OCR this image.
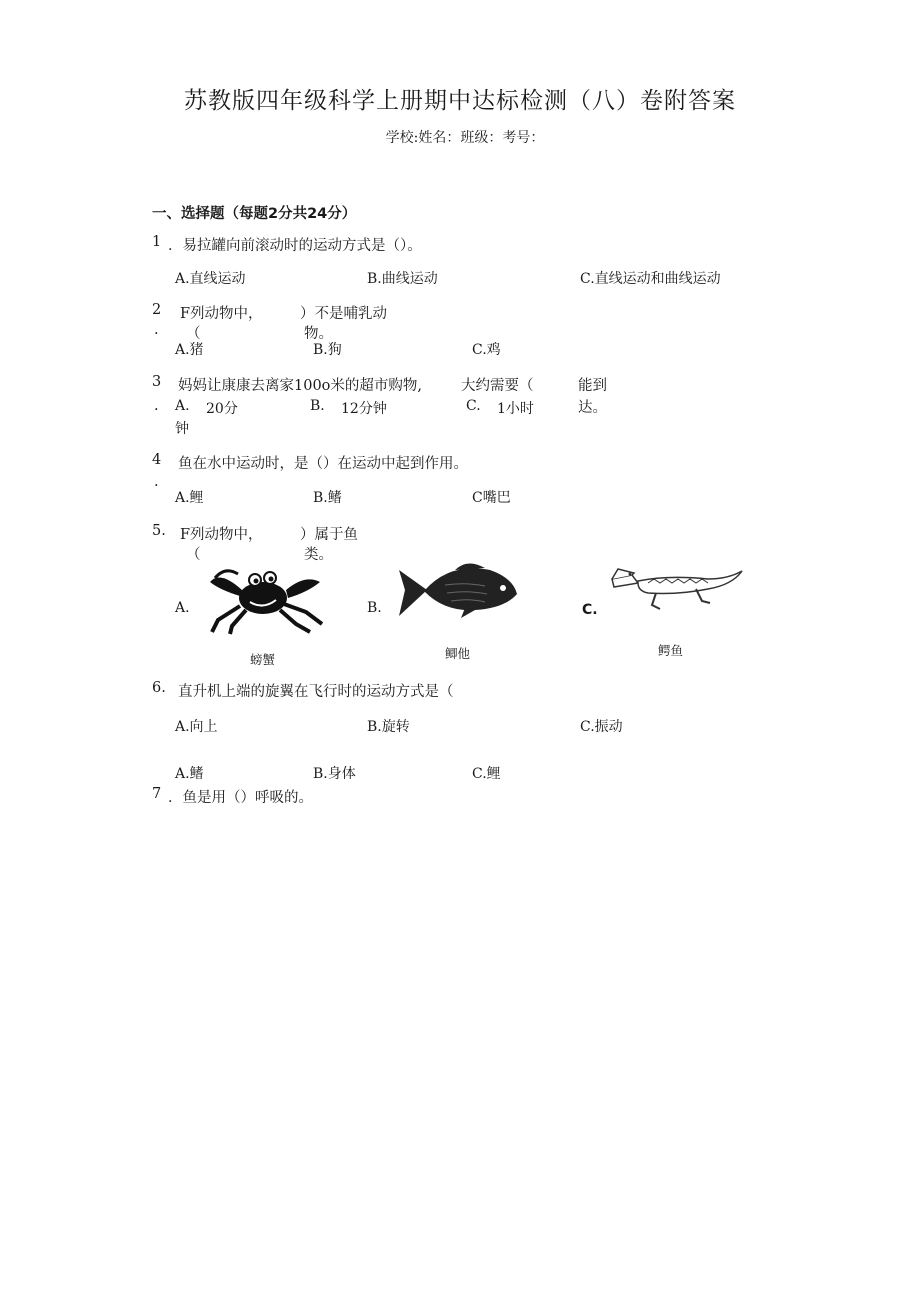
苏教版四年级科学上册期中达标检测（八）卷附答案
学校:姓名：班级：考号：
一、选择题（每题2分共24分）
1 ．易拉罐向前滚动时的运动方式是（）。
A.直线运动	B.曲线运动	C.直线运动和曲线运动
2
.
F列动物中，
（
）不是哺乳动
物。
A.猪	B.狗	C.鸡
3
.
妈妈让康康去离家100o米的超市购物,	大约需要（	能到
达。
A. 20分
钟
B. 12分钟	C. 1小时
4
.
鱼在水中运动时，是（）在运动中起到作用。
A.鲤	B.鳍	C嘴巴
5. F列动物中，
（
）属于鱼
类。
A.	B.	C.
螃蟹	鲫他	鳄鱼
6. 直升机上端的旋翼在飞行时的运动方式是（
A.向上	B.旋转	C.振动
A.鳍	B.身体	C.鲤
7 ．鱼是用（）呼吸的。
